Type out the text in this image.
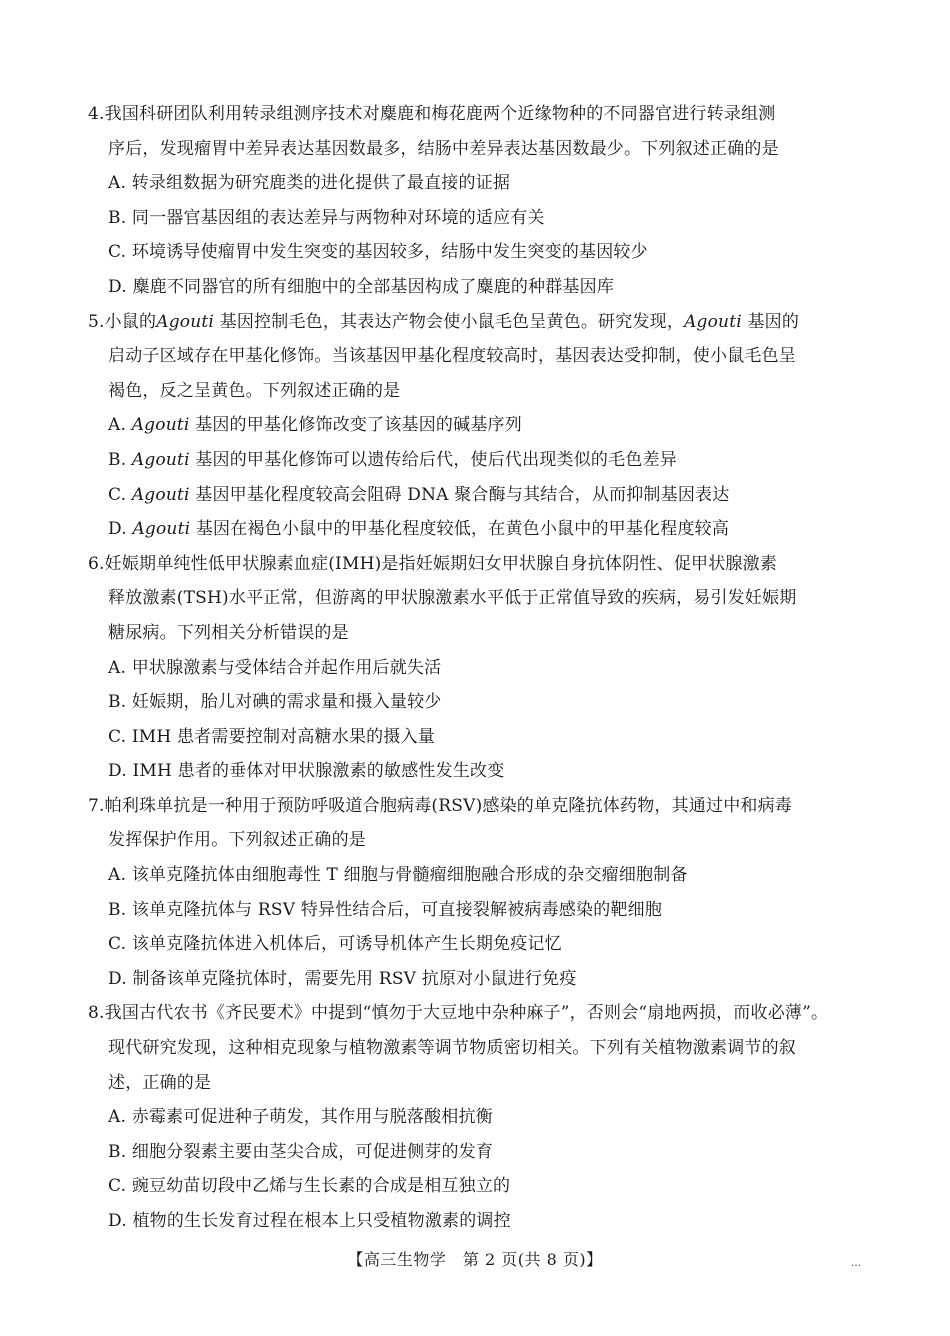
4.我国科研团队利用转录组测序技术对麋鹿和梅花鹿两个近缘物种的不同器官进行转录组测

序后，发现瘤胃中差异表达基因数最多，结肠中差异表达基因数最少。下列叙述正确的是

A. 转录组数据为研究鹿类的进化提供了最直接的证据
B. 同一器官基因组的表达差异与两物种对环境的适应有关
C. 环境诱导使瘤胃中发生突变的基因较多，结肠中发生突变的基因较少
D. 麋鹿不同器官的所有细胞中的全部基因构成了麋鹿的种群基因库

5.小鼠的Agouti 基因控制毛色，其表达产物会使小鼠毛色呈黄色。研究发现，Agouti 基因的

启动子区域存在甲基化修饰。当该基因甲基化程度较高时，基因表达受抑制，使小鼠毛色呈

褐色，反之呈黄色。下列叙述正确的是

A. Agouti 基因的甲基化修饰改变了该基因的碱基序列
B. Agouti 基因的甲基化修饰可以遗传给后代，使后代出现类似的毛色差异
C. Agouti 基因甲基化程度较高会阻碍 DNA 聚合酶与其结合，从而抑制基因表达
D. Agouti 基因在褐色小鼠中的甲基化程度较低，在黄色小鼠中的甲基化程度较高

6.妊娠期单纯性低甲状腺素血症(IMH)是指妊娠期妇女甲状腺自身抗体阴性、促甲状腺激素

释放激素(TSH)水平正常，但游离的甲状腺激素水平低于正常值导致的疾病，易引发妊娠期

糖尿病。下列相关分析错误的是

A. 甲状腺激素与受体结合并起作用后就失活
B. 妊娠期，胎儿对碘的需求量和摄入量较少
C. IMH 患者需要控制对高糖水果的摄入量
D. IMH 患者的垂体对甲状腺激素的敏感性发生改变

7.帕利珠单抗是一种用于预防呼吸道合胞病毒(RSV)感染的单克隆抗体药物，其通过中和病毒

发挥保护作用。下列叙述正确的是

A. 该单克隆抗体由细胞毒性 T 细胞与骨髓瘤细胞融合形成的杂交瘤细胞制备
B. 该单克隆抗体与 RSV 特异性结合后，可直接裂解被病毒感染的靶细胞
C. 该单克隆抗体进入机体后，可诱导机体产生长期免疫记忆
D. 制备该单克隆抗体时，需要先用 RSV 抗原对小鼠进行免疫

8.我国古代农书《齐民要术》中提到“慎勿于大豆地中杂种麻子”，否则会“扇地两损，而收必薄”。

现代研究发现，这种相克现象与植物激素等调节物质密切相关。下列有关植物激素调节的叙

述，正确的是

A. 赤霉素可促进种子萌发，其作用与脱落酸相抗衡
B. 细胞分裂素主要由茎尖合成，可促进侧芽的发育
C. 豌豆幼苗切段中乙烯与生长素的合成是相互独立的
D. 植物的生长发育过程在根本上只受植物激素的调控
【高三生物学　第 2 页(共 8 页)】	…
